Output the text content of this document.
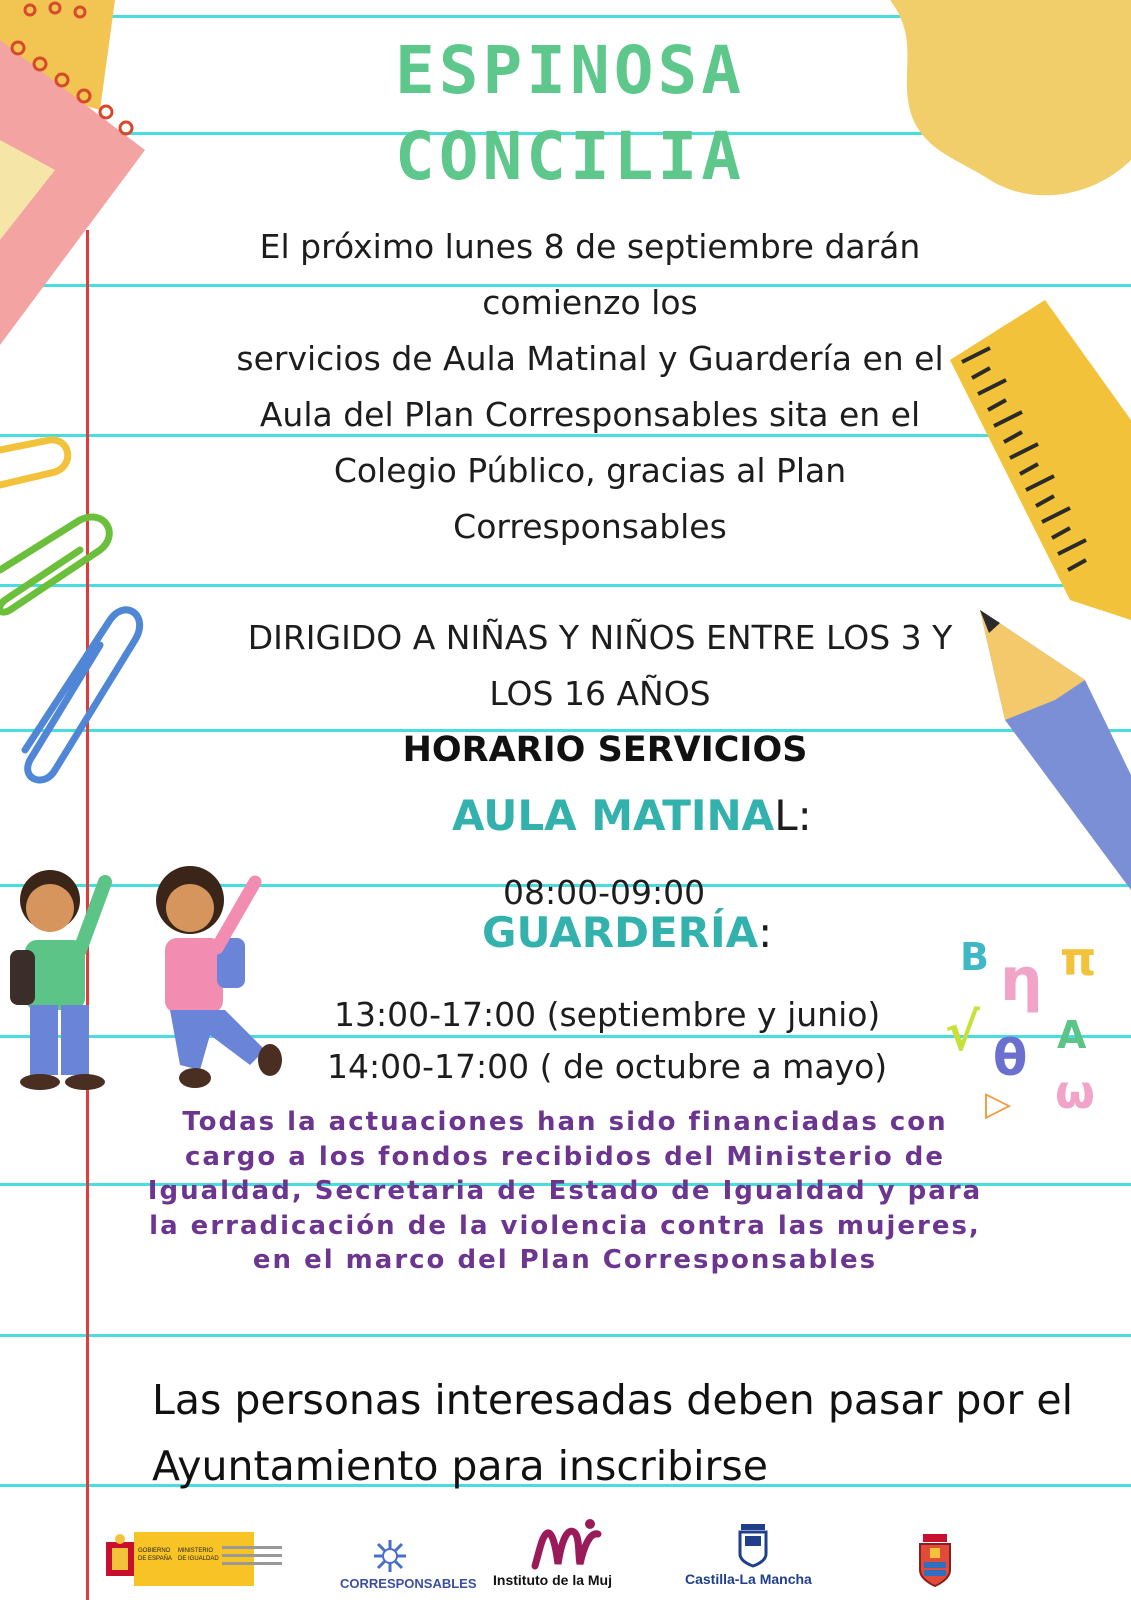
B η π
√ θ A
▷ ω
ESPINOSA
CONCILIA
El próximo lunes 8 de septiembre darán
comienzo los
servicios de Aula Matinal y Guardería en el
Aula del Plan Corresponsables sita en el
Colegio Público, gracias al Plan
Corresponsables
DIRIGIDO A NIÑAS Y NIÑOS ENTRE LOS 3 Y
LOS 16 AÑOS
HORARIO SERVICIOS
AULA MATINAL:
08:00-09:00
GUARDERÍA:
13:00-17:00 (septiembre y junio)
14:00-17:00 ( de octubre a mayo)
Todas la actuaciones han sido financiadas con
cargo a los fondos recibidos del Ministerio de
Igualdad, Secretaria de Estado de Igualdad y para
la erradicación de la violencia contra las mujeres,
en el marco del Plan Corresponsables
Las personas interesadas deben pasar por el
Ayuntamiento para inscribirse
GOBIERNO
DE ESPAÑA
MINISTERIO
DE IGUALDAD
CORRESPONSABLES Instituto de la Muj	Castilla-La Mancha
